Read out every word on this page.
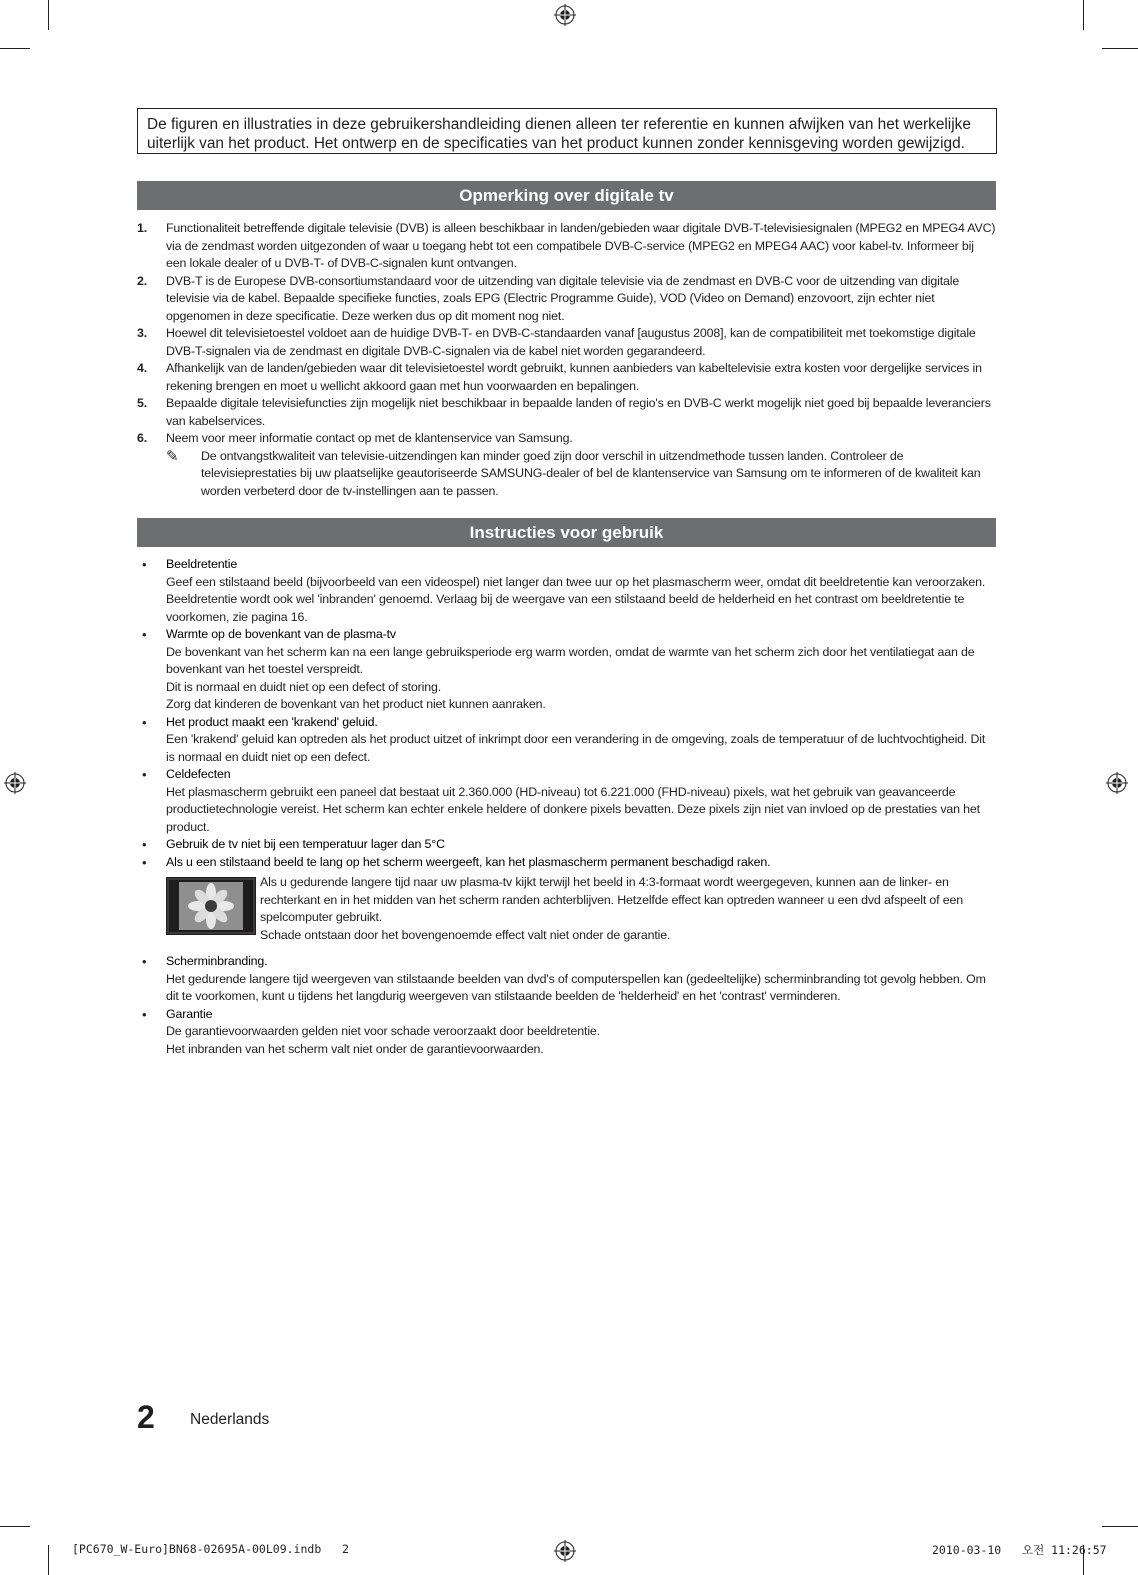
De figuren en illustraties in deze gebruikershandleiding dienen alleen ter referentie en kunnen afwijken van het werkelijke uiterlijk van het product. Het ontwerp en de specificaties van het product kunnen zonder kennisgeving worden gewijzigd.
Opmerking over digitale tv
1. Functionaliteit betreffende digitale televisie (DVB) is alleen beschikbaar in landen/gebieden waar digitale DVB-T-televisiesignalen (MPEG2 en MPEG4 AVC) via de zendmast worden uitgezonden of waar u toegang hebt tot een compatibele DVB-C-service (MPEG2 en MPEG4 AAC) voor kabel-tv. Informeer bij een lokale dealer of u DVB-T- of DVB-C-signalen kunt ontvangen.
2. DVB-T is de Europese DVB-consortiumstandaard voor de uitzending van digitale televisie via de zendmast en DVB-C voor de uitzending van digitale televisie via de kabel. Bepaalde specifieke functies, zoals EPG (Electric Programme Guide), VOD (Video on Demand) enzovoort, zijn echter niet opgenomen in deze specificatie. Deze werken dus op dit moment nog niet.
3. Hoewel dit televisietoestel voldoet aan de huidige DVB-T- en DVB-C-standaarden vanaf [augustus 2008], kan de compatibiliteit met toekomstige digitale DVB-T-signalen via de zendmast en digitale DVB-C-signalen via de kabel niet worden gegarandeerd.
4. Afhankelijk van de landen/gebieden waar dit televisietoestel wordt gebruikt, kunnen aanbieders van kabeltelevisie extra kosten voor dergelijke services in rekening brengen en moet u wellicht akkoord gaan met hun voorwaarden en bepalingen.
5. Bepaalde digitale televisiefuncties zijn mogelijk niet beschikbaar in bepaalde landen of regio's en DVB-C werkt mogelijk niet goed bij bepaalde leveranciers van kabelservices.
6. Neem voor meer informatie contact op met de klantenservice van Samsung.
✎ De ontvangstkwaliteit van televisie-uitzendingen kan minder goed zijn door verschil in uitzendmethode tussen landen. Controleer de televisieprestaties bij uw plaatselijke geautoriseerde SAMSUNG-dealer of bel de klantenservice van Samsung om te informeren of de kwaliteit kan worden verbeterd door de tv-instellingen aan te passen.
Instructies voor gebruik
• Beeldretentie
Geef een stilstaand beeld (bijvoorbeeld van een videospel) niet langer dan twee uur op het plasmascherm weer, omdat dit beeldretentie kan veroorzaken. Beeldretentie wordt ook wel 'inbranden' genoemd. Verlaag bij de weergave van een stilstaand beeld de helderheid en het contrast om beeldretentie te voorkomen, zie pagina 16.
• Warmte op de bovenkant van de plasma-tv
De bovenkant van het scherm kan na een lange gebruiksperiode erg warm worden, omdat de warmte van het scherm zich door het ventilatiegat aan de bovenkant van het toestel verspreidt.
Dit is normaal en duidt niet op een defect of storing.
Zorg dat kinderen de bovenkant van het product niet kunnen aanraken.
• Het product maakt een 'krakend' geluid.
Een 'krakend' geluid kan optreden als het product uitzet of inkrimpt door een verandering in de omgeving, zoals de temperatuur of de luchtvochtigheid. Dit is normaal en duidt niet op een defect.
• Celdefecten
Het plasmascherm gebruikt een paneel dat bestaat uit 2.360.000 (HD-niveau) tot 6.221.000 (FHD-niveau) pixels, wat het gebruik van geavanceerde productietechnologie vereist. Het scherm kan echter enkele heldere of donkere pixels bevatten. Deze pixels zijn niet van invloed op de prestaties van het product.
• Gebruik de tv niet bij een temperatuur lager dan 5°C
• Als u een stilstaand beeld te lang op het scherm weergeeft, kan het plasmascherm permanent beschadigd raken.
Als u gedurende langere tijd naar uw plasma-tv kijkt terwijl het beeld in 4:3-formaat wordt weergegeven, kunnen aan de linker- en rechterkant en in het midden van het scherm randen achterblijven. Hetzelfde effect kan optreden wanneer u een dvd afspeelt of een spelcomputer gebruikt.
Schade ontstaan door het bovengenoemde effect valt niet onder de garantie.
• Scherminbranding.
Het gedurende langere tijd weergeven van stilstaande beelden van dvd's of computerspellen kan (gedeeltelijke) scherminbranding tot gevolg hebben. Om dit te voorkomen, kunt u tijdens het langdurig weergeven van stilstaande beelden de 'helderheid' en het 'contrast' verminderen.
• Garantie
De garantievoorwaarden gelden niet voor schade veroorzaakt door beeldretentie.
Het inbranden van het scherm valt niet onder de garantievoorwaarden.
2 Nederlands
[PC670_W-Euro]BN68-02695A-00L09.indb   2	2010-03-10   오전 11:26:57
